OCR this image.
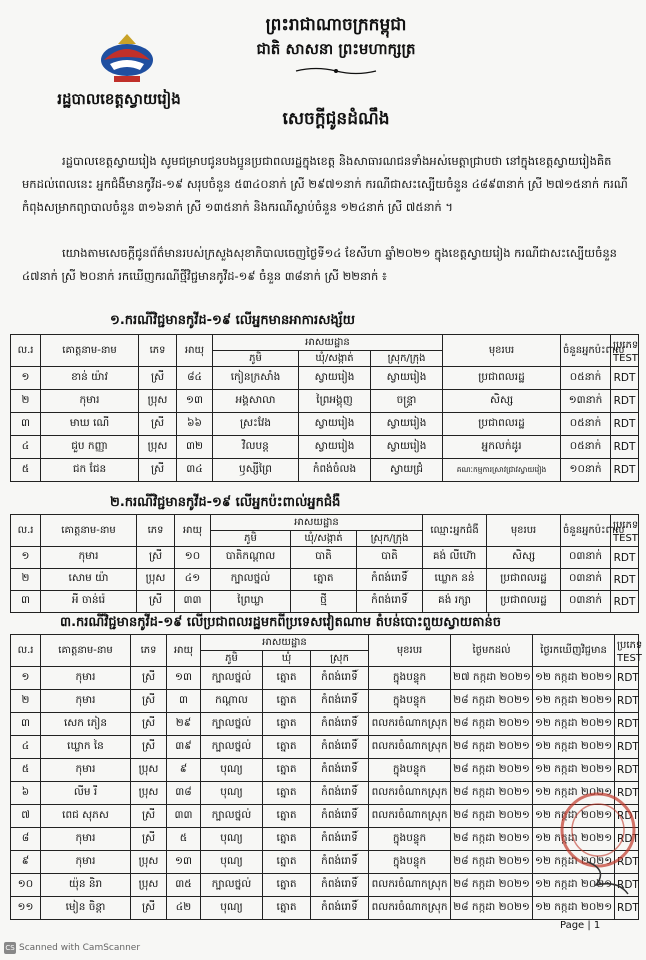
រដ្ឋបាលខេត្តស្វាយរៀង
ព្រះរាជាណាចក្រកម្ពុជា
ជាតិ សាសនា ព្រះមហាក្សត្រ
សេចក្តីជូនដំណឹង
រដ្ឋបាលខេត្តស្វាយរៀង សូមជម្រាបជូនបងប្អូនប្រជាពលរដ្ឋក្នុងខេត្ត និងសាធារណជនទាំងអស់មេត្តាជ្រាបថា នៅក្នុងខេត្តស្វាយរៀងគិតមកដល់ពេលនេះ អ្នកជំងឺមានកូវីដ-១៩ សរុបចំនួន ៥៣៤០នាក់ ស្រី ២៩៧១នាក់ ករណីជាសះស្បើយចំនួន ៤៨៩៣នាក់ ស្រី ២៧១៥នាក់ ករណីកំពុងសម្រាកព្យាបាលចំនួន ៣១៦នាក់ ស្រី ១៣៥នាក់ និងករណីស្លាប់ចំនួន ១២៤នាក់ ស្រី ៧៥នាក់ ។
យោងតាមសេចក្តីជូនព័ត៌មានរបស់ក្រសួងសុខាភិបាលចេញថ្ងៃទី១៤ ខែសីហា ឆ្នាំ២០២១ ក្នុងខេត្តស្វាយរៀង ករណីជាសះស្បើយចំនួន ៤៧នាក់ ស្រី ២០នាក់ រកឃើញករណីថ្មីវិជ្ជមានកូវីដ-១៩ ចំនួន ៣៨នាក់ ស្រី ២២នាក់ ៖
១.ករណីវិជ្ជមានកូវីដ-១៩ លើអ្នកមានអាការសង្ស័យ
ល.រ	គោត្តនាម-នាម	ភេទ	អាយុ	អាសយដ្ឋាន			មុខរបរ	ចំនួនអ្នកប៉ះពាល់	ប្រភេទ TEST
				ភូមិ	ឃុំ/សង្កាត់	ស្រុក/ក្រុង			
១	ខាន់ យ៉ាវ	ស្រី	៨៤	កៀនក្រសាំង	ស្វាយរៀង	ស្វាយរៀង	ប្រជាពលរដ្ឋ	០៥នាក់	RDT
២	កុមារ	ប្រុស	១៣	អង្គសាលា	ព្រៃអង្គុញ	ចន្ទ្រា	សិស្ស	១៣នាក់	RDT
៣	មាឃ ណើ	ស្រី	៦៦	ស្រះវែង	ស្វាយរៀង	ស្វាយរៀង	ប្រជាពលរដ្ឋ	០៥នាក់	RDT
៤	ជួប កញ្ញា	ប្រុស	៣២	វិលបន្ត	ស្វាយរៀង	ស្វាយរៀង	អ្នកលក់ដូរ	០៥នាក់	RDT
៥	ជក ជែន	ស្រី	៣៤	ឫស្សីព្រៃ	កំពង់ចំលង	ស្វាយជ្រំ	គណៈកម្មការស្រាវជ្រាវស្វាយរៀង	១០នាក់	RDT
២.ករណីវិជ្ជមានកូវីដ-១៩ លើអ្នកប៉ះពាល់អ្នកជំងឺ
ល.រ	គោត្តនាម-នាម	ភេទ	អាយុ	អាសយដ្ឋាន			ឈ្មោះអ្នកជំងឺ	មុខរបរ	ចំនួនអ្នកប៉ះពាល់	ប្រភេទ TEST
				ភូមិ	ឃុំ/សង្កាត់	ស្រុក/ក្រុង				
១	កុមារ	ស្រី	១០	បាតិកណ្តាល	បាតិ	បាតិ	គង់ លីហ៊ោ	សិស្ស	០៣នាក់	RDT
២	សោម យ៉ា	ប្រុស	៤១	ក្បាលថ្នល់	ត្នោត	កំពង់រោទិ៍	ឃ្លោក នន់	ប្រជាពលរដ្ឋ	០៣នាក់	RDT
៣	អី ចាន់រ៉េ	ស្រី	៣៣	ព្រៃឃ្លា	ថ្មី	កំពង់រោទិ៍	គង់ រក្សា	ប្រជាពលរដ្ឋ	០៣នាក់	RDT
៣.ករណីវិជ្ជមានកូវីដ-១៩ លើប្រជាពលរដ្ឋមកពីប្រទេសវៀតណាម តំបន់បោះពួយស្វាយតាន់ច
ល.រ	គោត្តនាម-នាម	ភេទ	អាយុ	អាសយដ្ឋាន			មុខរបរ	ថ្ងៃមកដល់	ថ្ងៃរកឃើញវិជ្ជមាន	ប្រភេទ TEST
				ភូមិ	ឃុំ	ស្រុក				
១	កុមារ	ស្រី	១៣	ក្បាលថ្នល់	ត្នោត	កំពង់រោទិ៍	ក្នុងបន្ទុក	២៧ កក្កដា ២០២១	១២ កក្កដា ២០២១	RDT
២	កុមារ	ស្រី	៣	កណ្តាល	ត្នោត	កំពង់រោទិ៍	ក្នុងបន្ទុក	២៨ កក្កដា ២០២១	១២ កក្កដា ២០២១	RDT
៣	សេក ភៀន	ស្រី	២៩	ក្បាលថ្នល់	ត្នោត	កំពង់រោទិ៍	ពលករចំណាកស្រុក	២៨ កក្កដា ២០២១	១២ កក្កដា ២០២១	RDT
៤	ឃ្លោក នៃ	ស្រី	៣៩	ក្បាលថ្នល់	ត្នោត	កំពង់រោទិ៍	ពលករចំណាកស្រុក	២៨ កក្កដា ២០២១	១២ កក្កដា ២០២១	RDT
៥	កុមារ	ប្រុស	៩	បុណ្យ	ត្នោត	កំពង់រោទិ៍	ក្នុងបន្ទុក	២៨ កក្កដា ២០២១	១២ កក្កដា ២០២១	RDT
៦	លីម រី	ប្រុស	៣៨	បុណ្យ	ត្នោត	កំពង់រោទិ៍	ពលករចំណាកស្រុក	២៨ កក្កដា ២០២១	១២ កក្កដា ២០២១	RDT
៧	ពេជ សុភស	ស្រី	៣៣	ក្បាលថ្នល់	ត្នោត	កំពង់រោទិ៍	ពលករចំណាកស្រុក	២៨ កក្កដា ២០២១	១២ កក្កដា ២០២១	RDT
៨	កុមារ	ស្រី	៥	បុណ្យ	ត្នោត	កំពង់រោទិ៍	ក្នុងបន្ទុក	២៨ កក្កដា ២០២១	១២ កក្កដា ២០២១	RDT
៩	កុមារ	ប្រុស	១៣	បុណ្យ	ត្នោត	កំពង់រោទិ៍	ក្នុងបន្ទុក	២៨ កក្កដា ២០២១	១២ កក្កដា ២០២១	RDT
១០	យ៉ុន និរា	ប្រុស	៣៥	ក្បាលថ្នល់	ត្នោត	កំពង់រោទិ៍	ពលករចំណាកស្រុក	២៨ កក្កដា ២០២១	១២ កក្កដា ២០២១	RDT
១១	មៀន ចិន្តា	ស្រី	៤២	បុណ្យ	ត្នោត	កំពង់រោទិ៍	ពលករចំណាកស្រុក	២៨ កក្កដា ២០២១	១២ កក្កដា ២០២១	RDT
Page | 1
CS Scanned with CamScanner
